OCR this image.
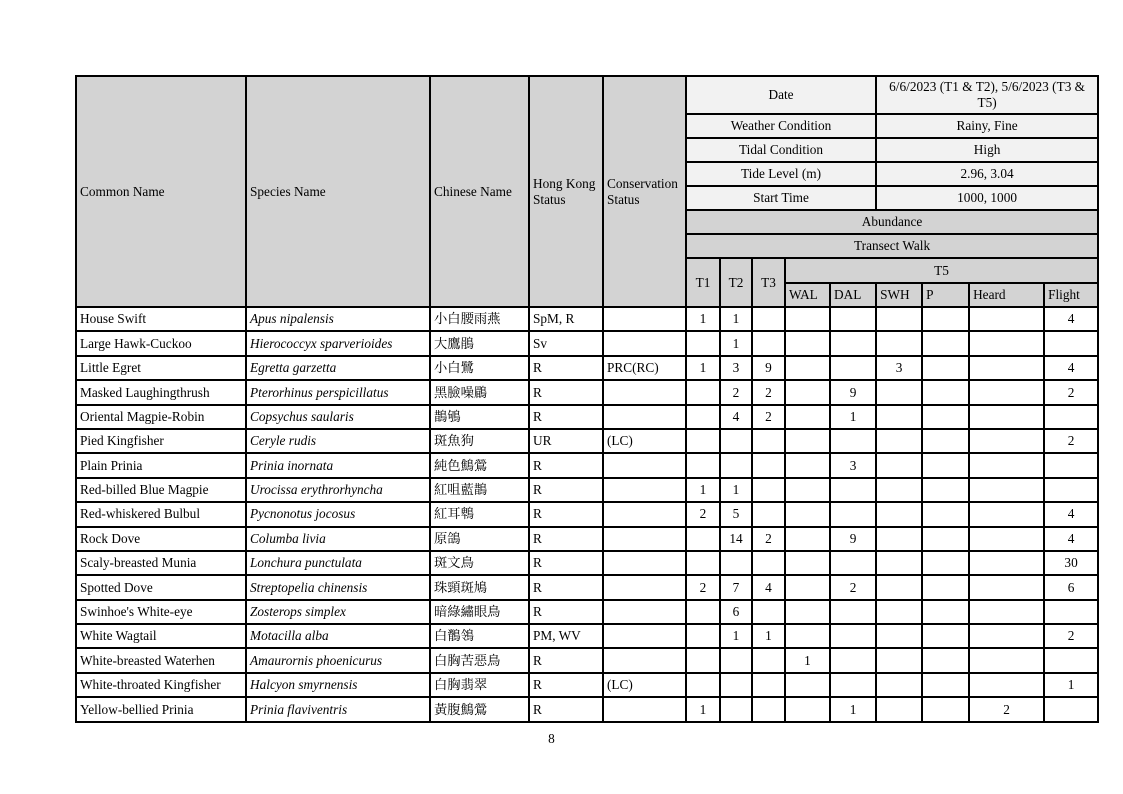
Common Name	Species Name	Chinese Name	Hong Kong Status	Conservation Status	Date					6/6/2023 (T1 & T2), 5/6/2023 (T3 & T5)			
					Weather Condition					Rainy, Fine			
					Tidal Condition					High			
					Tide Level (m)					2.96, 3.04			
					Start Time					1000, 1000			
					Abundance								
					Transect Walk								
					T1	T2	T3	T5					
								WAL	DAL	SWH	P	Heard	Flight
House Swift	Apus nipalensis	小白腰雨燕	SpM, R		1	1							4
Large Hawk-Cuckoo	Hierococcyx sparverioides	大鷹鵑	Sv			1							
Little Egret	Egretta garzetta	小白鷺	R	PRC(RC)	1	3	9			3			4
Masked Laughingthrush	Pterorhinus perspicillatus	黑臉噪鶥	R			2	2		9				2
Oriental Magpie-Robin	Copsychus saularis	鵲鴝	R			4	2		1				
Pied Kingfisher	Ceryle rudis	斑魚狗	UR	(LC)									2
Plain Prinia	Prinia inornata	純色鷦鶯	R						3				
Red-billed Blue Magpie	Urocissa erythrorhyncha	紅咀藍鵲	R		1	1							
Red-whiskered Bulbul	Pycnonotus jocosus	紅耳鵯	R		2	5							4
Rock Dove	Columba livia	原鴿	R			14	2		9				4
Scaly-breasted Munia	Lonchura punctulata	斑文鳥	R										30
Spotted Dove	Streptopelia chinensis	珠頸斑鳩	R		2	7	4		2				6
Swinhoe's White-eye	Zosterops simplex	暗綠繡眼鳥	R			6							
White Wagtail	Motacilla alba	白鶺鴒	PM, WV			1	1						2
White-breasted Waterhen	Amaurornis phoenicurus	白胸苦惡鳥	R					1					
White-throated Kingfisher	Halcyon smyrnensis	白胸翡翠	R	(LC)									1
Yellow-bellied Prinia	Prinia flaviventris	黃腹鷦鶯	R		1				1			2	
8
